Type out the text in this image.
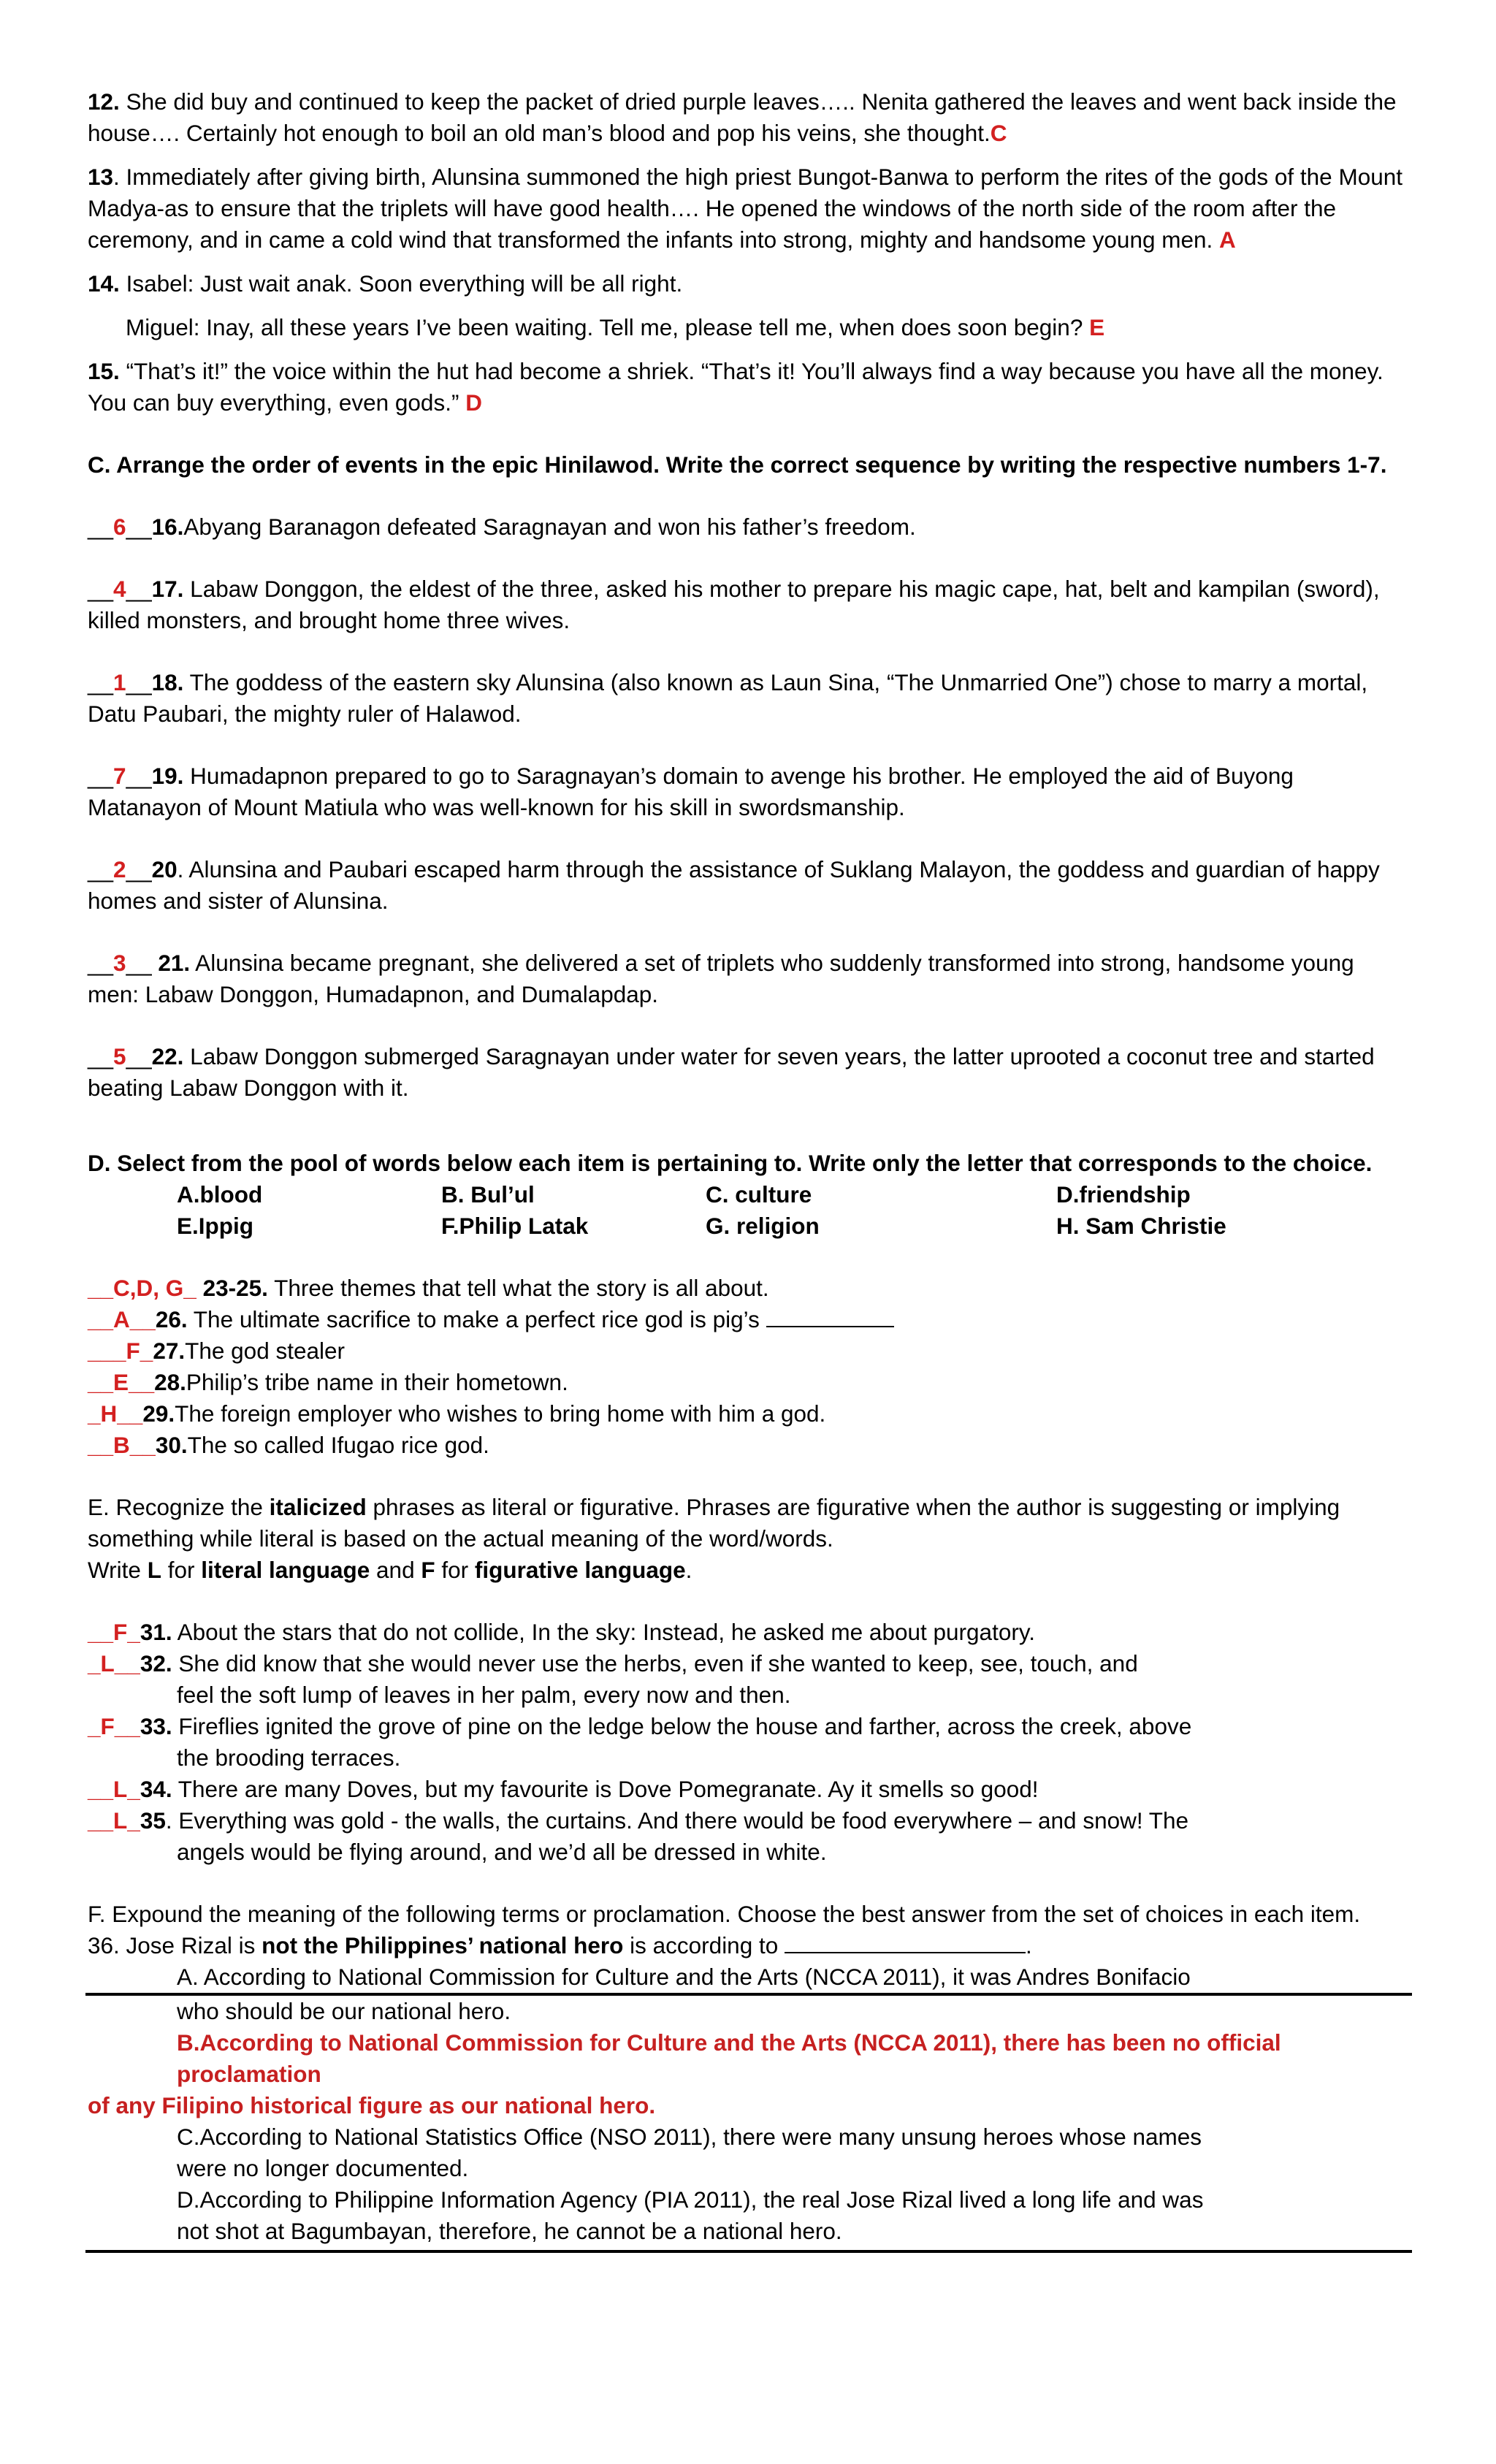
12. She did buy and continued to keep the packet of dried purple leaves….. Nenita gathered the leaves and went back inside the house…. Certainly hot enough to boil an old man’s blood and pop his veins, she thought.C

13. Immediately after giving birth, Alunsina summoned the high priest Bungot-Banwa to perform the rites of the gods of the Mount Madya-as to ensure that the triplets will have good health…. He opened the windows of the north side of the room after the ceremony, and in came a cold wind that transformed the infants into strong, mighty and handsome young men. A

14. Isabel: Just wait anak. Soon everything will be all right.

Miguel: Inay, all these years I’ve been waiting. Tell me, please tell me, when does soon begin? E

15. “That’s it!” the voice within the hut had become a shriek. “That’s it! You’ll always find a way because you have all the money. You can buy everything, even gods.” D

C. Arrange the order of events in the epic Hinilawod. Write the correct sequence by writing the respective numbers 1-7.

__6__16.Abyang Baranagon defeated Saragnayan and won his father’s freedom.

__4__17. Labaw Donggon, the eldest of the three, asked his mother to prepare his magic cape, hat, belt and kampilan (sword), killed monsters, and brought home three wives.

__1__18. The goddess of the eastern sky Alunsina (also known as Laun Sina, “The Unmarried One”) chose to marry a mortal, Datu Paubari, the mighty ruler of Halawod.

__7__19. Humadapnon prepared to go to Saragnayan’s domain to avenge his brother. He employed the aid of Buyong Matanayon of Mount Matiula who was well-known for his skill in swordsmanship.

__2__20. Alunsina and Paubari escaped harm through the assistance of Suklang Malayon, the goddess and guardian of happy homes and sister of Alunsina.

__3__ 21. Alunsina became pregnant, she delivered a set of triplets who suddenly transformed into strong, handsome young men: Labaw Donggon, Humadapnon, and Dumalapdap.

__5__22. Labaw Donggon submerged Saragnayan under water for seven years, the latter uprooted a coconut tree and started beating Labaw Donggon with it.

D. Select from the pool of words below each item is pertaining to. Write only the letter that corresponds to the choice.

A.blood	B. Bul’ul	C. culture	D.friendship
E.Ippig	F.Philip Latak	G. religion	H. Sam Christie

__C,D, G_ 23-25. Three themes that tell what the story is all about.

__A__26. The ultimate sacrifice to make a perfect rice god is pig’s

___F_27.The god stealer

__E__28.Philip’s tribe name in their hometown.

_H__29.The foreign employer who wishes to bring home with him a god.

__B__30.The so called Ifugao rice god.

E. Recognize the italicized phrases as literal or figurative. Phrases are figurative when the author is suggesting or implying something while literal is based on the actual meaning of the word/words.

Write L for literal language and F for figurative language.

__F_31. About the stars that do not collide, In the sky: Instead, he asked me about purgatory.

_L__32. She did know that she would never use the herbs, even if she wanted to keep, see, touch, and

feel the soft lump of leaves in her palm, every now and then.

_F__33. Fireflies ignited the grove of pine on the ledge below the house and farther, across the creek, above

the brooding terraces.

__L_34. There are many Doves, but my favourite is Dove Pomegranate. Ay it smells so good!

__L_35. Everything was gold - the walls, the curtains. And there would be food everywhere – and snow! The

angels would be flying around, and we’d all be dressed in white.

F. Expound the meaning of the following terms or proclamation. Choose the best answer from the set of choices in each item.

36. Jose Rizal is not the Philippines’ national hero is according to	.

A. According to National Commission for Culture and the Arts (NCCA 2011), it was Andres Bonifacio

who should be our national hero.

B.According to National Commission for Culture and the Arts (NCCA 2011), there has been no official proclamation

of any Filipino historical figure as our national hero.

C.According to National Statistics Office (NSO 2011), there were many unsung heroes whose names

were no longer documented.

D.According to Philippine Information Agency (PIA 2011), the real Jose Rizal lived a long life and was

not shot at Bagumbayan, therefore, he cannot be a national hero.
